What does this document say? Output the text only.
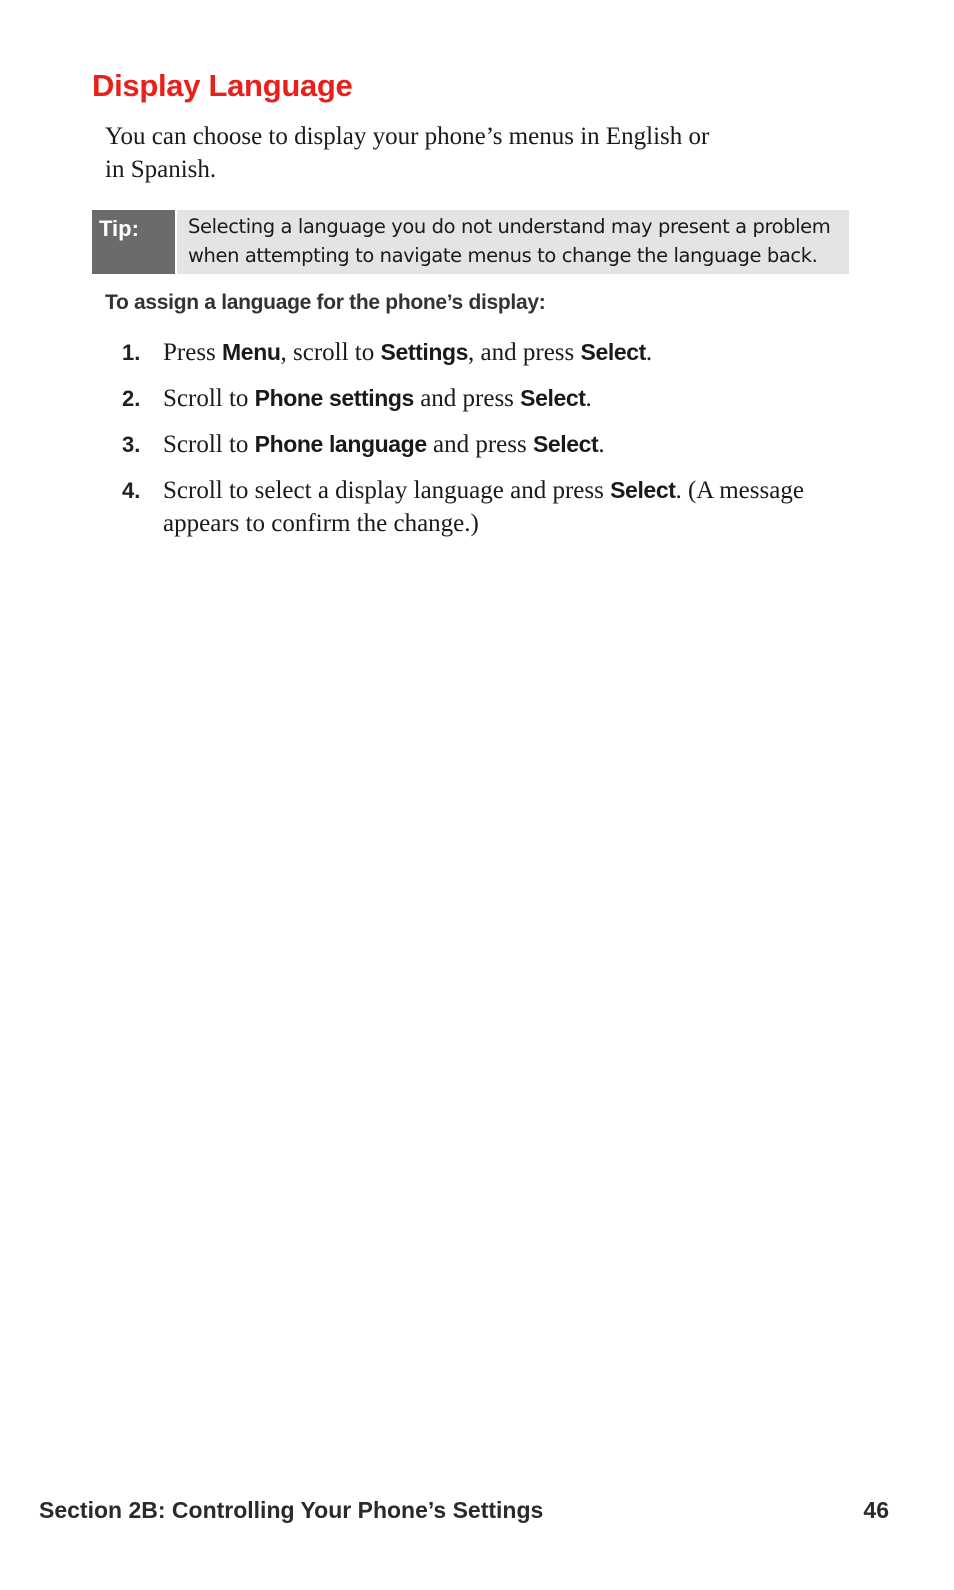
Display Language

You can choose to display your phone’s menus in English or
in Spanish.

Tip:	Selecting a language you do not understand may present a problem
when attempting to navigate menus to change the language back.
To assign a language for the phone’s display:
1. Press Menu, scroll to Settings, and press Select.
2. Scroll to Phone settings and press Select.
3. Scroll to Phone language and press Select.
4. Scroll to select a display language and press Select. (A message
appears to confirm the change.)
Section 2B: Controlling Your Phone’s Settings	46
